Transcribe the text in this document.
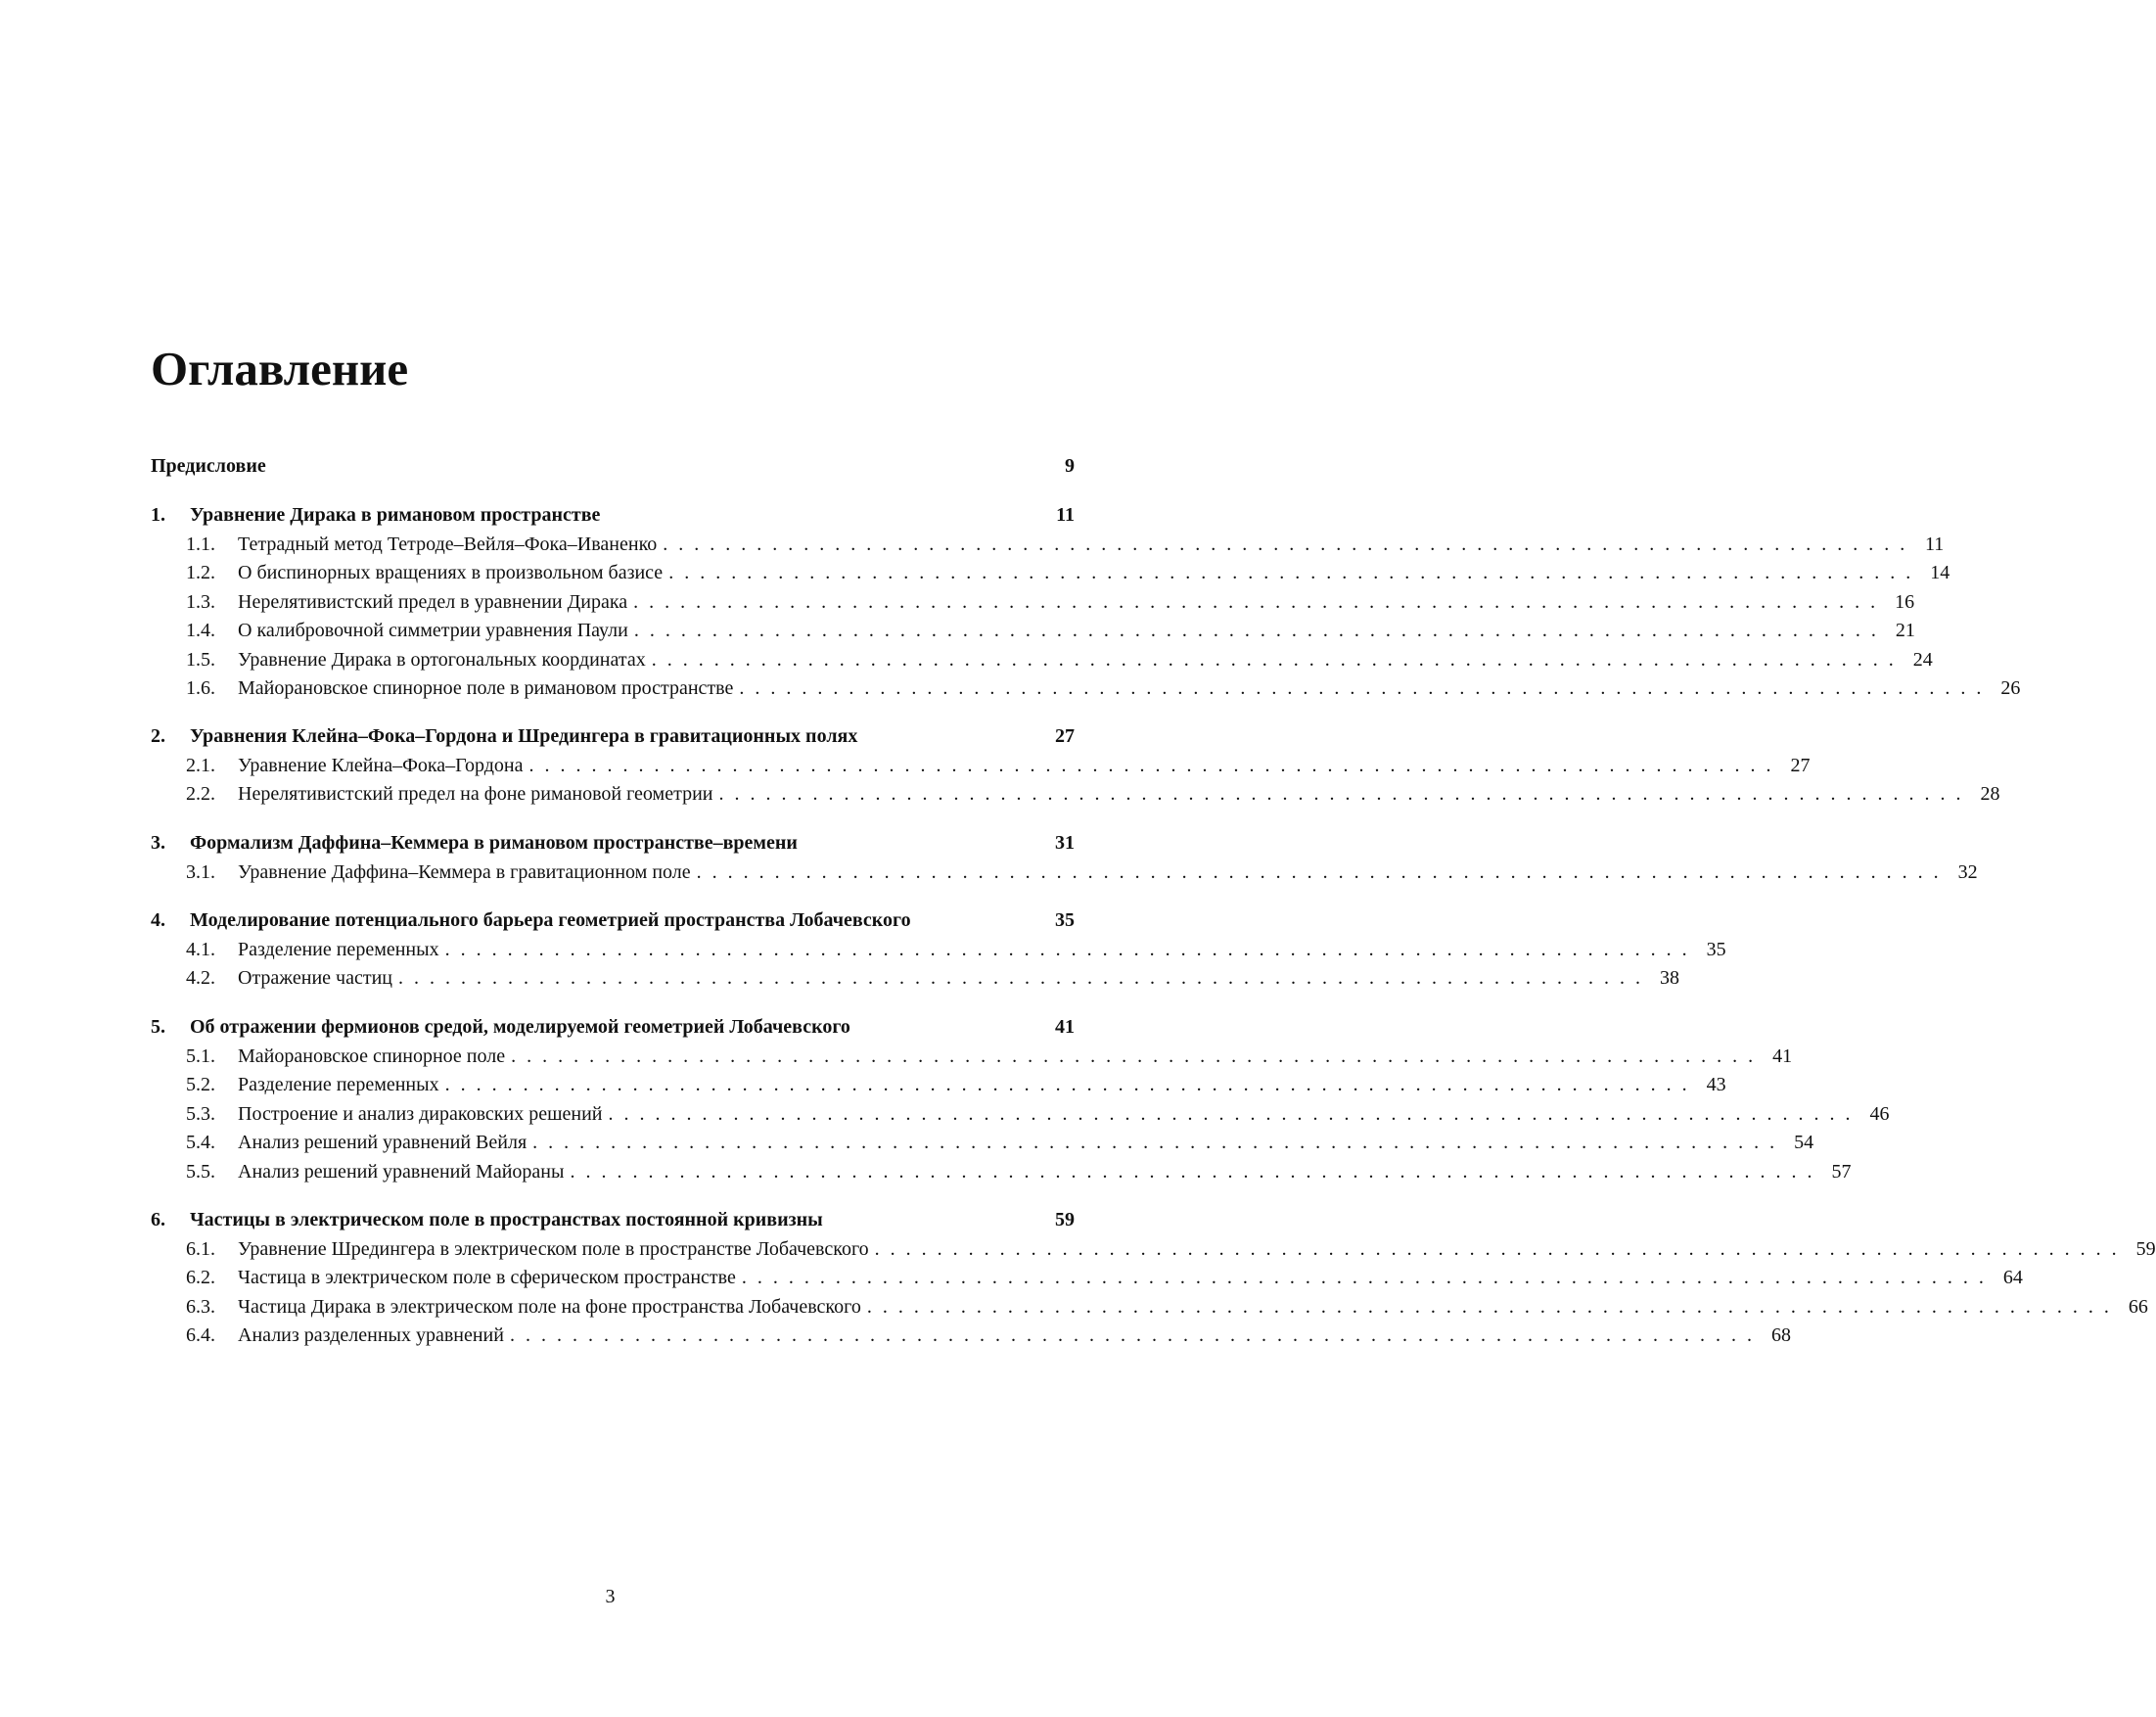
Оглавление
Предисловие	9
1.	Уравнение Дирака в римановом пространстве	11
1.1.	Тетрадный метод Тетроде–Вейля–Фока–Иваненко . . .	11
1.2.	О биспинорных вращениях в произвольном базисе . . .	14
1.3.	Нерелятивистский предел в уравнении Дирака . . .	16
1.4.	О калибровочной симметрии уравнения Паули . . .	21
1.5.	Уравнение Дирака в ортогональных координатах . . .	24
1.6.	Майорановское спинорное поле в римановом пространстве . . .	26
2.	Уравнения Клейна–Фока–Гордона и Шредингера в гравитационных полях	27
2.1.	Уравнение Клейна–Фока–Гордона . . .	27
2.2.	Нерелятивистский предел на фоне римановой геометрии . . .	28
3.	Формализм Даффина–Кеммера в римановом пространстве–времени	31
3.1.	Уравнение Даффина–Кеммера в гравитационном поле . . .	32
4.	Моделирование потенциального барьера геометрией пространства Лобачевского	35
4.1.	Разделение переменных . . .	35
4.2.	Отражение частиц . . .	38
5.	Об отражении фермионов средой, моделируемой геометрией Лобачевского	41
5.1.	Майорановское спинорное поле . . .	41
5.2.	Разделение переменных . . .	43
5.3.	Построение и анализ дираковских решений . . .	46
5.4.	Анализ решений уравнений Вейля . . .	54
5.5.	Анализ решений уравнений Майораны . . .	57
6.	Частицы в электрическом поле в пространствах постоянной кривизны	59
6.1.	Уравнение Шредингера в электрическом поле в пространстве Лобачевского . . .	59
6.2.	Частица в электрическом поле в сферическом пространстве . . .	64
6.3.	Частица Дирака в электрическом поле на фоне пространства Лобачевского . . .	66
6.4.	Анализ разделенных уравнений . . .	68
3
